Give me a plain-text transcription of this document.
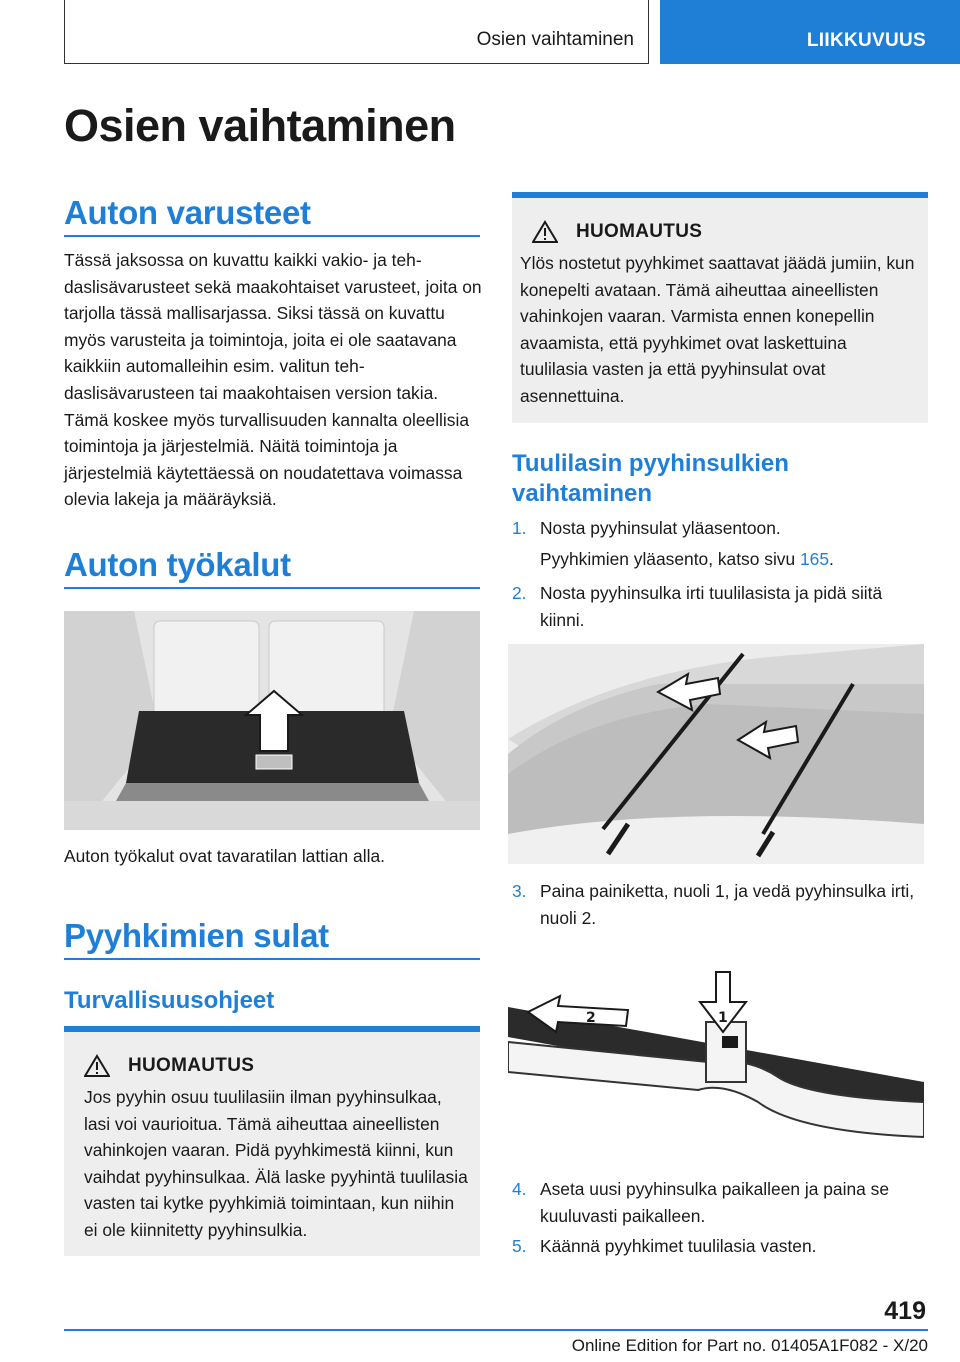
Osien vaihtaminen	LIIKKUVUUS
Osien vaihtaminen
Auton varusteet
Tässä jaksossa on kuvattu kaikki vakio- ja tehdaslisävarusteet sekä maakohtaiset varusteet, joita on tarjolla tässä mallisarjassa. Siksi tässä on kuvattu myös varusteita ja toimintoja, joita ei ole saatavana kaikkiin automalleihin esim. valitun tehdaslisävarusteen tai maakohtaisen version takia. Tämä koskee myös turvallisuuden kannalta oleellisia toimintoja ja järjestelmiä. Näitä toimintoja ja järjestelmiä käytettäessä on noudatettava voimassa olevia lakeja ja määräyksiä.
Auton työkalut
Auton työkalut ovat tavaratilan lattian alla.
Pyyhkimien sulat
Turvallisuusohjeet
HUOMAUTUS
Jos pyyhin osuu tuulilasiin ilman pyyhinsulkaa, lasi voi vaurioitua. Tämä aiheuttaa aineellisten vahinkojen vaaran. Pidä pyyhkimestä kiinni, kun vaihdat pyyhinsulkaa. Älä laske pyyhintä tuulilasia vasten tai kytke pyyhkimiä toimintaan, kun niihin ei ole kiinnitetty pyyhinsulkia.
HUOMAUTUS
Ylös nostetut pyyhkimet saattavat jäädä jumiin, kun konepelti avataan. Tämä aiheuttaa aineellisten vahinkojen vaaran. Varmista ennen konepellin avaamista, että pyyhkimet ovat laskettuina tuulilasia vasten ja että pyyhinsulat ovat asennettuina.
Tuulilasin pyyhinsulkien
vaihtaminen
1. Nosta pyyhinsulat yläasentoon.
Pyyhkimien yläasento, katso sivu 165.
2. Nosta pyyhinsulka irti tuulilasista ja pidä siitä kiinni.
3. Paina painiketta, nuoli 1, ja vedä pyyhinsulka irti, nuoli 2.
2	1
4. Aseta uusi pyyhinsulka paikalleen ja paina se kuuluvasti paikalleen.
5. Käännä pyyhkimet tuulilasia vasten.
419
Online Edition for Part no. 01405A1F082 - X/20
